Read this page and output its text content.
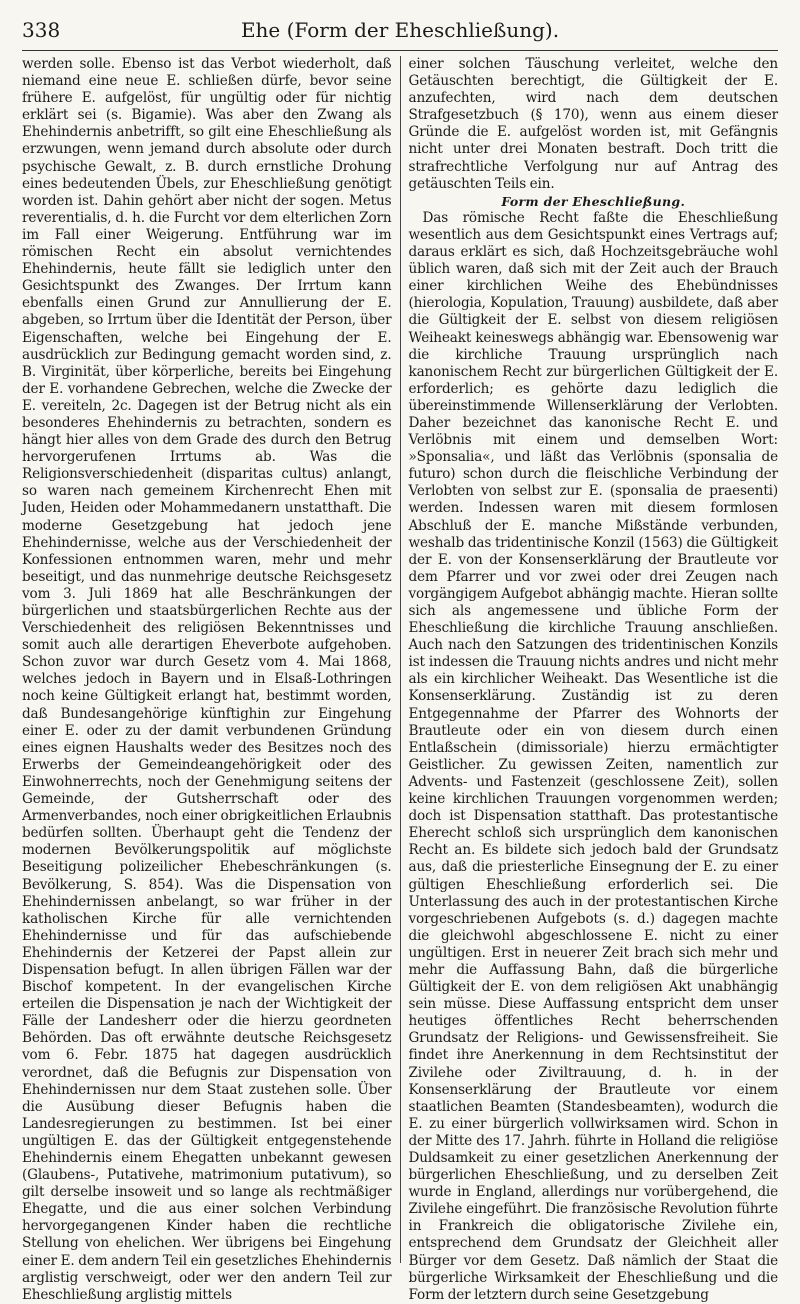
338	Ehe (Form der Eheschließung).

werden solle. Ebenso ist das Verbot wiederholt, daß niemand eine neue E. schließen dürfe, bevor seine frühere E. aufgelöst, für ungültig oder für nichtig erklärt sei (s. Bigamie). Was aber den Zwang als Ehehindernis anbetrifft, so gilt eine Eheschließung als erzwungen, wenn jemand durch absolute oder durch psychische Gewalt, z. B. durch ernstliche Drohung eines bedeutenden Übels, zur Eheschließung genötigt worden ist. Dahin gehört aber nicht der sogen. Metus reverentialis, d. h. die Furcht vor dem elterlichen Zorn im Fall einer Weigerung. Entführung war im römischen Recht ein absolut vernichtendes Ehehindernis, heute fällt sie lediglich unter den Gesichtspunkt des Zwanges. Der Irrtum kann ebenfalls einen Grund zur Annullierung der E. abgeben, so Irrtum über die Identität der Person, über Eigenschaften, welche bei Eingehung der E. ausdrücklich zur Bedingung gemacht worden sind, z. B. Virginität, über körperliche, bereits bei Eingehung der E. vorhandene Gebrechen, welche die Zwecke der E. vereiteln, 2c. Dagegen ist der Betrug nicht als ein besonderes Ehehindernis zu betrachten, sondern es hängt hier alles von dem Grade des durch den Betrug hervorgerufenen Irrtums ab. Was die Religionsverschiedenheit (disparitas cultus) anlangt, so waren nach gemeinem Kirchenrecht Ehen mit Juden, Heiden oder Mohammedanern unstatthaft. Die moderne Gesetzgebung hat jedoch jene Ehehindernisse, welche aus der Verschiedenheit der Konfessionen entnommen waren, mehr und mehr beseitigt, und das nunmehrige deutsche Reichsgesetz vom 3. Juli 1869 hat alle Beschränkungen der bürgerlichen und staatsbürgerlichen Rechte aus der Verschiedenheit des religiösen Bekenntnisses und somit auch alle derartigen Eheverbote aufgehoben. Schon zuvor war durch Gesetz vom 4. Mai 1868, welches jedoch in Bayern und in Elsaß-Lothringen noch keine Gültigkeit erlangt hat, bestimmt worden, daß Bundesangehörige künftighin zur Eingehung einer E. oder zu der damit verbundenen Gründung eines eignen Haushalts weder des Besitzes noch des Erwerbs der Gemeindeangehörigkeit oder des Einwohnerrechts, noch der Genehmigung seitens der Gemeinde, der Gutsherrschaft oder des Armenverbandes, noch einer obrigkeitlichen Erlaubnis bedürfen sollten. Überhaupt geht die Tendenz der modernen Bevölkerungspolitik auf möglichste Beseitigung polizeilicher Ehebeschränkungen (s. Bevölkerung, S. 854). Was die Dispensation von Ehehindernissen anbelangt, so war früher in der katholischen Kirche für alle vernichtenden Ehehindernisse und für das aufschiebende Ehehindernis der Ketzerei der Papst allein zur Dispensation befugt. In allen übrigen Fällen war der Bischof kompetent. In der evangelischen Kirche erteilen die Dispensation je nach der Wichtigkeit der Fälle der Landesherr oder die hierzu geordneten Behörden. Das oft erwähnte deutsche Reichsgesetz vom 6. Febr. 1875 hat dagegen ausdrücklich verordnet, daß die Befugnis zur Dispensation von Ehehindernissen nur dem Staat zustehen solle. Über die Ausübung dieser Befugnis haben die Landesregierungen zu bestimmen. Ist bei einer ungültigen E. das der Gültigkeit entgegenstehende Ehehindernis einem Ehegatten unbekannt gewesen (Glaubens-, Putativehe, matrimonium putativum), so gilt derselbe insoweit und so lange als rechtmäßiger Ehegatte, und die aus einer solchen Verbindung hervorgegangenen Kinder haben die rechtliche Stellung von ehelichen. Wer übrigens bei Eingehung einer E. dem andern Teil ein gesetzliches Ehehindernis arglistig verschweigt, oder wer den andern Teil zur Eheschließung arglistig mittels

einer solchen Täuschung verleitet, welche den Getäuschten berechtigt, die Gültigkeit der E. anzufechten, wird nach dem deutschen Strafgesetzbuch (§ 170), wenn aus einem dieser Gründe die E. aufgelöst worden ist, mit Gefängnis nicht unter drei Monaten bestraft. Doch tritt die strafrechtliche Verfolgung nur auf Antrag des getäuschten Teils ein.

Form der Eheschließung.

Das römische Recht faßte die Eheschließung wesentlich aus dem Gesichtspunkt eines Vertrags auf; daraus erklärt es sich, daß Hochzeitsgebräuche wohl üblich waren, daß sich mit der Zeit auch der Brauch einer kirchlichen Weihe des Ehebündnisses (hierologia, Kopulation, Trauung) ausbildete, daß aber die Gültigkeit der E. selbst von diesem religiösen Weiheakt keineswegs abhängig war. Ebensowenig war die kirchliche Trauung ursprünglich nach kanonischem Recht zur bürgerlichen Gültigkeit der E. erforderlich; es gehörte dazu lediglich die übereinstimmende Willenserklärung der Verlobten. Daher bezeichnet das kanonische Recht E. und Verlöbnis mit einem und demselben Wort: »Sponsalia«, und läßt das Verlöbnis (sponsalia de futuro) schon durch die fleischliche Verbindung der Verlobten von selbst zur E. (sponsalia de praesenti) werden. Indessen waren mit diesem formlosen Abschluß der E. manche Mißstände verbunden, weshalb das tridentinische Konzil (1563) die Gültigkeit der E. von der Konsenserklärung der Brautleute vor dem Pfarrer und vor zwei oder drei Zeugen nach vorgängigem Aufgebot abhängig machte. Hieran sollte sich als angemessene und übliche Form der Eheschließung die kirchliche Trauung anschließen. Auch nach den Satzungen des tridentinischen Konzils ist indessen die Trauung nichts andres und nicht mehr als ein kirchlicher Weiheakt. Das Wesentliche ist die Konsenserklärung. Zuständig ist zu deren Entgegennahme der Pfarrer des Wohnorts der Brautleute oder ein von diesem durch einen Entlaßschein (dimissoriale) hierzu ermächtigter Geistlicher. Zu gewissen Zeiten, namentlich zur Advents- und Fastenzeit (geschlossene Zeit), sollen keine kirchlichen Trauungen vorgenommen werden; doch ist Dispensation statthaft. Das protestantische Eherecht schloß sich ursprünglich dem kanonischen Recht an. Es bildete sich jedoch bald der Grundsatz aus, daß die priesterliche Einsegnung der E. zu einer gültigen Eheschließung erforderlich sei. Die Unterlassung des auch in der protestantischen Kirche vorgeschriebenen Aufgebots (s. d.) dagegen machte die gleichwohl abgeschlossene E. nicht zu einer ungültigen. Erst in neuerer Zeit brach sich mehr und mehr die Auffassung Bahn, daß die bürgerliche Gültigkeit der E. von dem religiösen Akt unabhängig sein müsse. Diese Auffassung entspricht dem unser heutiges öffentliches Recht beherrschenden Grundsatz der Religions- und Gewissensfreiheit. Sie findet ihre Anerkennung in dem Rechtsinstitut der Zivilehe oder Ziviltrauung, d. h. in der Konsenserklärung der Brautleute vor einem staatlichen Beamten (Standesbeamten), wodurch die E. zu einer bürgerlich vollwirksamen wird. Schon in der Mitte des 17. Jahrh. führte in Holland die religiöse Duldsamkeit zu einer gesetzlichen Anerkennung der bürgerlichen Eheschließung, und zu derselben Zeit wurde in England, allerdings nur vorübergehend, die Zivilehe eingeführt. Die französische Revolution führte in Frankreich die obligatorische Zivilehe ein, entsprechend dem Grundsatz der Gleichheit aller Bürger vor dem Gesetz. Daß nämlich der Staat die bürgerliche Wirksamkeit der Eheschließung und die Form der letztern durch seine Gesetzgebung
